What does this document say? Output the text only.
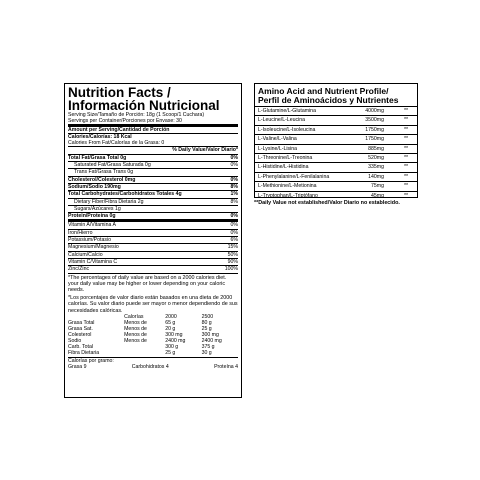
Nutrition Facts /
Información Nutricional
Serving Size/Tamaño de Porción: 18g (1 Scoop/1 Cuchara)
Servings per Container/Porciones por Envase: 30
Amount per Serving/Cantidad de Porción
Calories/Calorías: 18 Kcal
Calories From Fat/Calorías de la Grasa: 0
% Daily Value/Valor Diario*
Total Fat/Grasa Total 0g	0%
Saturated Fat/Grasa Saturada 0g	0%
Trans Fat/Grasa Trans 0g
Cholesterol/Colesterol 0mg	0%
Sodium/Sodio 190mg	8%
Total Carbohydrates/Carbohidratos Totales 4g	1%
Dietary Fiber/Fibra Dietaria 2g	8%
Sugars/Azúcares 1g
Protein/Proteína 0g	0%
Vitamin A/Vitamina A	0%
Iron/Hierro	0%
Potassium/Potasio	6%
Magnesium/Magnesio	15%
Calcium/Calcio	50%
Vitamin C/Vitamina C	90%
Zinc/Zinc	100%
*The percentages of daily value are based on a 2000 calories diet. your daily value may be higher or lower depending on your caloric needs.
*Los porcentajes de valor diario están basados en una dieta de 2000 calorías. Su valor diario puede ser mayor o menor dependiendo de sus necesidades calóricas.
	Calorías	2000	2500
Grasa Total	Menos de	65 g	80 g
Grasa Sat.	Menos de	20 g	25 g
Colesterol	Menos de	300 mg	300 mg
Sodio	Menos de	2400 mg	2400 mg
Carb. Total		300 g	375 g
Fibra Dietaria		25 g	30 g
Calorías por gramo:
Grasa 9	Carbohidratos 4	Proteína 4
Amino Acid and Nutrient Profile/
Perfil de Aminoácidos y Nutrientes
L-Glutamine/L-Glutamina	4000mg	**
L-Leucine/L-Leucina	3500mg	**
L-Isoleucine/L-Isoleucina	1750mg	**
L-Valine/L-Valina	1750mg	**
L-Lysine/L-Lisina	885mg	**
L-Threonine/L-Treonina	520mg	**
L-Histidine/L-Histidina	335mg	**
L-Phenylalanine/L-Fenilalanina	140mg	**
L-Methionine/L-Metionina	75mg	**
L-Tryptophan/L-Triptófano	45mg	**
**Daily Value not established/Valor Diario no establecido.
